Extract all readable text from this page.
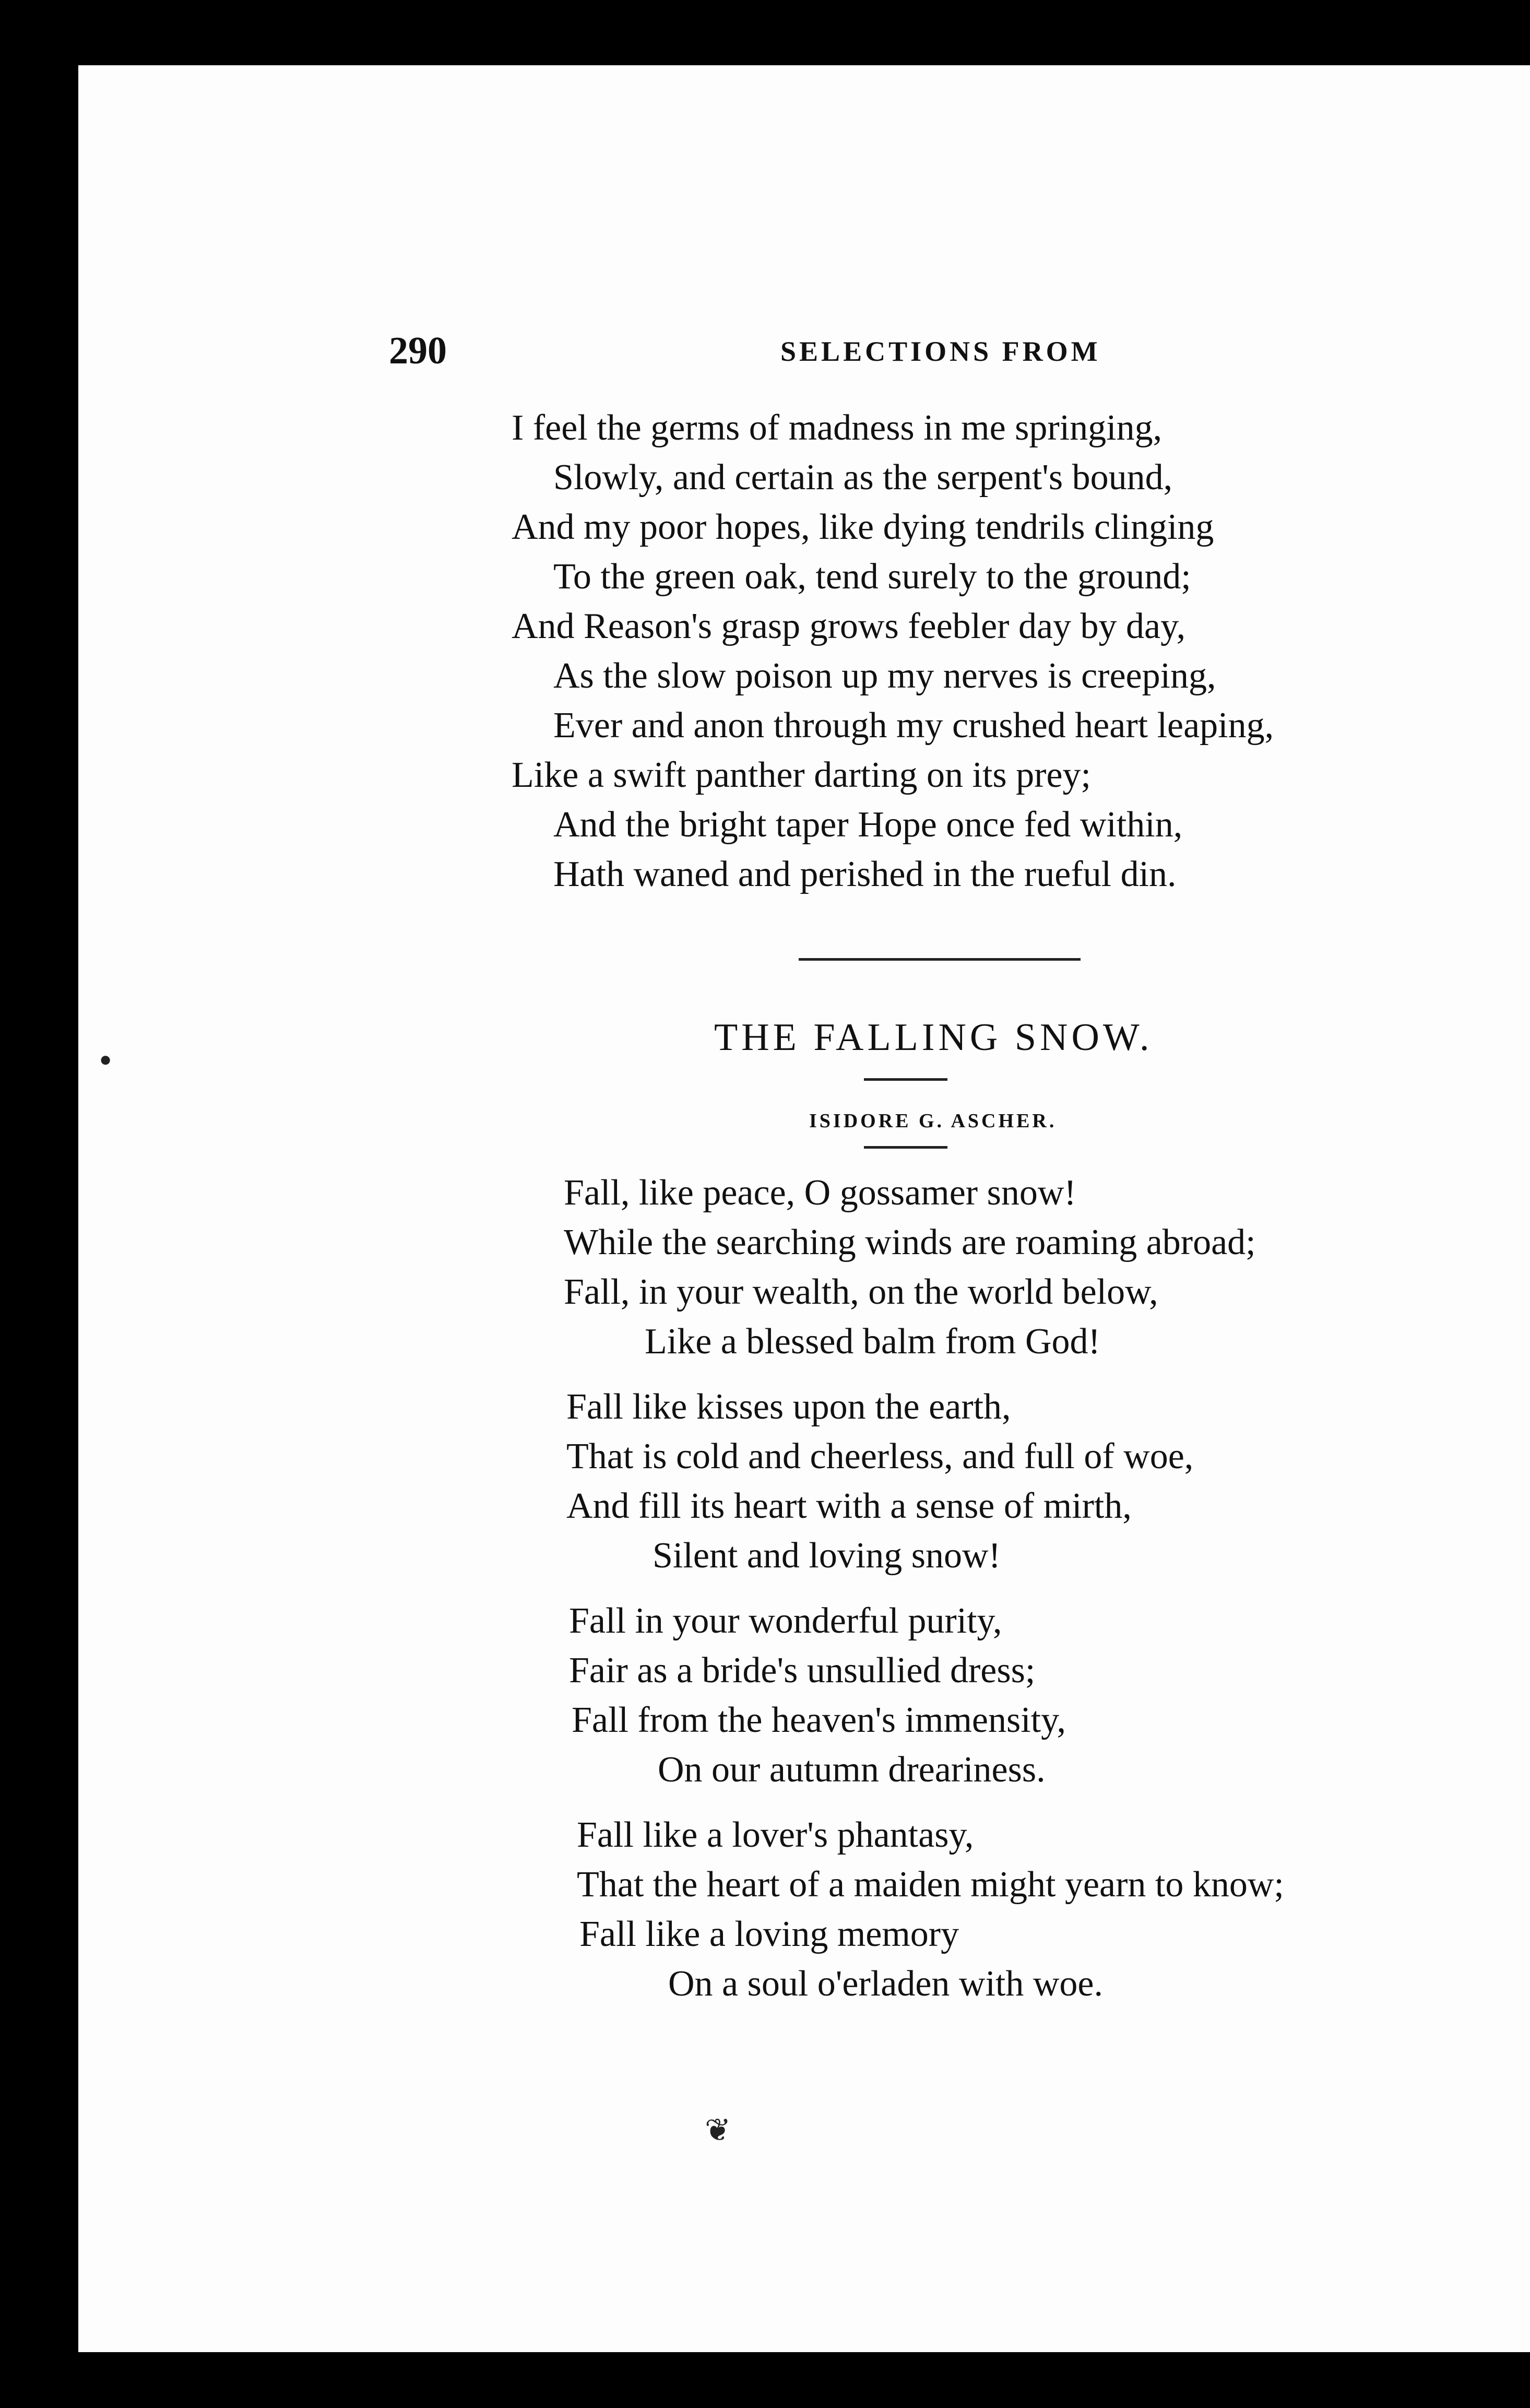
290	SELECTIONS FROM
I feel the germs of madness in me springing,
Slowly, and certain as the serpent's bound,
And my poor hopes, like dying tendrils clinging
To the green oak, tend surely to the ground;
And Reason's grasp grows feebler day by day,
As the slow poison up my nerves is creeping,
Ever and anon through my crushed heart leaping,
Like a swift panther darting on its prey;
And the bright taper Hope once fed within,
Hath waned and perished in the rueful din.
THE FALLING SNOW.
ISIDORE G. ASCHER.
Fall, like peace, O gossamer snow!
While the searching winds are roaming abroad;
Fall, in your wealth, on the world below,
Like a blessed balm from God!
Fall like kisses upon the earth,
That is cold and cheerless, and full of woe,
And fill its heart with a sense of mirth,
Silent and loving snow!
Fall in your wonderful purity,
Fair as a bride's unsullied dress;
Fall from the heaven's immensity,
On our autumn dreariness.
Fall like a lover's phantasy,
That the heart of a maiden might yearn to know;
Fall like a loving memory
On a soul o'erladen with woe.
❦
●
